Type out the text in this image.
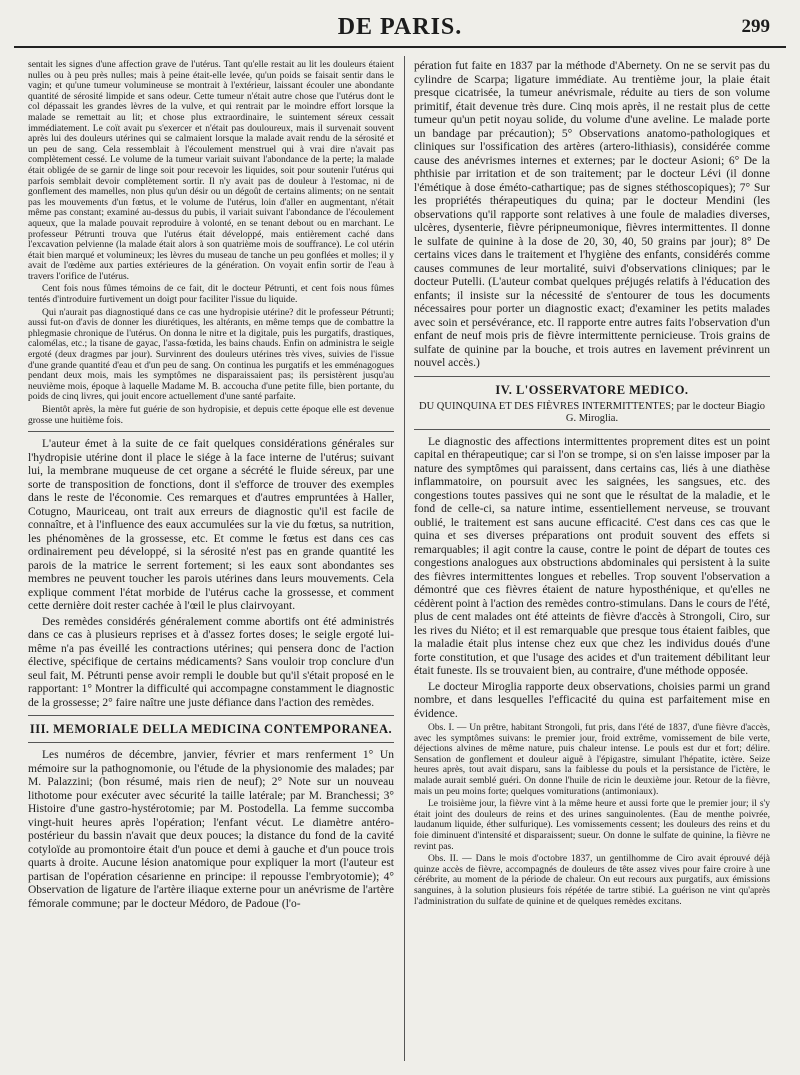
DE PARIS.	299

sentait les signes d'une affection grave de l'utérus. Tant qu'elle restait au lit les douleurs étaient nulles ou à peu près nulles; mais à peine était-elle levée, qu'un poids se faisait sentir dans le vagin; et qu'une tumeur volumineuse se montrait à l'extérieur, laissant écouler une abondante quantité de sérosité limpide et sans odeur. Cette tumeur n'était autre chose que l'utérus dont le col dépassait les grandes lèvres de la vulve, et qui rentrait par le moindre effort lorsque la malade se remettait au lit; et chose plus extraordinaire, le suintement séreux cessait immédiatement. Le coït avait pu s'exercer et n'était pas douloureux, mais il survenait souvent après lui des douleurs utérines qui se calmaient lorsque la malade avait rendu de la sérosité et un peu de sang. Cela ressemblait à l'écoulement menstruel qui à vrai dire n'avait pas complètement cessé. Le volume de la tumeur variait suivant l'abondance de la perte; la malade était obligée de se garnir de linge soit pour recevoir les liquides, soit pour soutenir l'utérus qui parfois semblait devoir complètement sortir. Il n'y avait pas de douleur à l'estomac, ni de gonflement des mamelles, non plus qu'un désir ou un dégoût de certains aliments; on ne sentait pas les mouvements d'un fœtus, et le volume de l'utérus, loin d'aller en augmentant, n'était même pas constant; examiné au-dessus du pubis, il variait suivant l'abondance de l'écoulement aqueux, que la malade pouvait reproduire à volonté, en se tenant debout ou en marchant. Le professeur Pétrunti trouva que l'utérus était développé, mais entièrement caché dans l'excavation pelvienne (la malade était alors à son quatrième mois de souffrance). Le col utérin était bien marqué et volumineux; les lèvres du museau de tanche un peu gonflées et molles; il y avait de l'œdème aux parties extérieures de la génération. On voyait enfin sortir de l'eau à travers l'orifice de l'utérus.

Cent fois nous fûmes témoins de ce fait, dit le docteur Pétrunti, et cent fois nous fûmes tentés d'introduire furtivement un doigt pour faciliter l'issue du liquide.

Qui n'aurait pas diagnostiqué dans ce cas une hydropisie utérine? dit le professeur Pétrunti; aussi fut-on d'avis de donner les diurétiques, les altérants, en même temps que de combattre la phlegmasie chronique de l'utérus. On donna le nitre et la digitale, puis les purgatifs, drastiques, calomélas, etc.; la tisane de gayac, l'assa-fœtida, les bains chauds. Enfin on administra le seigle ergoté (deux dragmes par jour). Survinrent des douleurs utérines très vives, suivies de l'issue d'une grande quantité d'eau et d'un peu de sang. On continua les purgatifs et les emménagogues pendant deux mois, mais les symptômes ne disparaissaient pas; ils persistèrent jusqu'au neuvième mois, époque à laquelle Madame M. B. accoucha d'une petite fille, bien portante, du poids de cinq livres, qui jouit encore actuellement d'une santé parfaite.

Bientôt après, la mère fut guérie de son hydropisie, et depuis cette époque elle est devenue grosse une huitième fois.

L'auteur émet à la suite de ce fait quelques considérations générales sur l'hydropisie utérine dont il place le siége à la face interne de l'utérus; suivant lui, la membrane muqueuse de cet organe a sécrété le fluide séreux, par une sorte de transposition de fonctions, dont il s'efforce de trouver des exemples dans le reste de l'économie. Ces remarques et d'autres empruntées à Haller, Cotugno, Mauriceau, ont trait aux erreurs de diagnostic qu'il est facile de connaître, et à l'influence des eaux accumulées sur la vie du fœtus, sa nutrition, les phénomènes de la grossesse, etc. Et comme le fœtus est dans ces cas ordinairement peu développé, si la sérosité n'est pas en grande quantité les parois de la matrice le serrent fortement; si les eaux sont abondantes ses membres ne peuvent toucher les parois utérines dans leurs mouvements. Cela explique comment l'état morbide de l'utérus cache la grossesse, et comment cette dernière doit rester cachée à l'œil le plus clairvoyant.

Des remèdes considérés généralement comme abortifs ont été administrés dans ce cas à plusieurs reprises et à d'assez fortes doses; le seigle ergoté lui-même n'a pas éveillé les contractions utérines; qui pensera donc de l'action élective, spécifique de certains médicaments? Sans vouloir trop conclure d'un seul fait, M. Pétrunti pense avoir rempli le double but qu'il s'était proposé en le rapportant: 1° Montrer la difficulté qui accompagne constamment le diagnostic de la grossesse; 2° faire naître une juste défiance dans l'action des remèdes.

III. MEMORIALE DELLA MEDICINA CONTEMPORANEA.

Les numéros de décembre, janvier, février et mars renferment 1° Un mémoire sur la pathognomonie, ou l'étude de la physionomie des malades; par M. Palazzini; (bon résumé, mais rien de neuf); 2° Note sur un nouveau lithotome pour exécuter avec sécurité la taille latérale; par M. Branchessi; 3° Histoire d'une gastro-hystérotomie; par M. Postodella. La femme succomba vingt-huit heures après l'opération; l'enfant vécut. Le diamètre antéro-postérieur du bassin n'avait que deux pouces; la distance du fond de la cavité cotyloïde au promontoire était d'un pouce et demi à gauche et d'un pouce trois quarts à droite. Aucune lésion anatomique pour expliquer la mort (l'auteur est partisan de l'opération césarienne en principe: il repousse l'embryotomie); 4° Observation de ligature de l'artère iliaque externe pour un anévrisme de l'artère fémorale commune; par le docteur Médoro, de Padoue (l'o-

pération fut faite en 1837 par la méthode d'Abernety. On ne se servit pas du cylindre de Scarpa; ligature immédiate. Au trentième jour, la plaie était presque cicatrisée, la tumeur anévrismale, réduite au tiers de son volume primitif, était devenue très dure. Cinq mois après, il ne restait plus de cette tumeur qu'un petit noyau solide, du volume d'une aveline. Le malade porte un bandage par précaution); 5° Observations anatomo-pathologiques et cliniques sur l'ossification des artères (artero-lithiasis), considérée comme cause des anévrismes internes et externes; par le docteur Asioni; 6° De la phthisie par irritation et de son traitement; par le docteur Lévi (il donne l'émétique à dose éméto-cathartique; pas de signes stéthoscopiques); 7° Sur les propriétés thérapeutiques du quina; par le docteur Mendini (les observations qu'il rapporte sont relatives à une foule de maladies diverses, ulcères, dysenterie, fièvre péripneumonique, fièvres intermittentes. Il donne le sulfate de quinine à la dose de 20, 30, 40, 50 grains par jour); 8° De certains vices dans le traitement et l'hygiène des enfants, considérés comme causes communes de leur mortalité, suivi d'observations cliniques; par le docteur Putelli. (L'auteur combat quelques préjugés relatifs à l'éducation des enfants; il insiste sur la nécessité de s'entourer de tous les documents nécessaires pour porter un diagnostic exact; d'examiner les petits malades avec soin et persévérance, etc. Il rapporte entre autres faits l'observation d'un enfant de neuf mois pris de fièvre intermittente pernicieuse. Trois grains de sulfate de quinine par la bouche, et trois autres en lavement prévinrent un nouvel accès.)

IV. L'OSSERVATORE MEDICO.
DU QUINQUINA ET DES FIÈVRES INTERMITTENTES; par le docteur Biagio G. Miroglia.

Le diagnostic des affections intermittentes proprement dites est un point capital en thérapeutique; car si l'on se trompe, si on s'en laisse imposer par la nature des symptômes qui paraissent, dans certains cas, liés à une diathèse inflammatoire, on poursuit avec les saignées, les sangsues, etc. des congestions toutes passives qui ne sont que le résultat de la maladie, et le fond de celle-ci, sa nature intime, essentiellement nerveuse, se trouvant oublié, le traitement est sans aucune efficacité. C'est dans ces cas que le quina et ses diverses préparations ont produit souvent des effets si remarquables; il agit contre la cause, contre le point de départ de toutes ces congestions analogues aux obstructions abdominales qui persistent à la suite des fièvres intermittentes longues et rebelles. Trop souvent l'observation a démontré que ces fièvres étaient de nature hyposthénique, et qu'elles ne cédèrent point à l'action des remèdes contro-stimulans. Dans le cours de l'été, plus de cent malades ont été atteints de fièvre d'accès à Strongoli, Ciro, sur les rives du Niéto; et il est remarquable que presque tous étaient faibles, que la maladie était plus intense chez eux que chez les individus doués d'une forte constitution, et que l'usage des acides et d'un traitement débilitant leur était funeste. Ils se trouvaient bien, au contraire, d'une méthode opposée.

Le docteur Miroglia rapporte deux observations, choisies parmi un grand nombre, et dans lesquelles l'efficacité du quina est parfaitement mise en évidence.

Obs. I. — Un prêtre, habitant Strongoli, fut pris, dans l'été de 1837, d'une fièvre d'accès, avec les symptômes suivans: le premier jour, froid extrême, vomissement de bile verte, déjections alvines de même nature, puis chaleur intense. Le pouls est dur et fort; délire. Sensation de gonflement et douleur aiguë à l'épigastre, simulant l'hépatite, ictère. Seize heures après, tout avait disparu, sans la faiblesse du pouls et la persistance de l'ictère, le malade aurait semblé guéri. On donne l'huile de ricin le deuxième jour. Retour de la fièvre, mais un peu moins forte; quelques vomiturations (antimoniaux).

Le troisième jour, la fièvre vint à la même heure et aussi forte que le premier jour; il s'y était joint des douleurs de reins et des urines sanguinolentes. (Eau de menthe poivrée, laudanum liquide, éther sulfurique). Les vomissements cessent; les douleurs des reins et du foie diminuent d'intensité et disparaissent; sueur. On donne le sulfate de quinine, la fièvre ne revint pas.

Obs. II. — Dans le mois d'octobre 1837, un gentilhomme de Ciro avait éprouvé déjà quinze accès de fièvre, accompagnés de douleurs de tête assez vives pour faire croire à une cérébrite, au moment de la période de chaleur. On eut recours aux purgatifs, aux émissions sanguines, à la solution plusieurs fois répétée de tartre stibié. La guérison ne vint qu'après l'administration du sulfate de quinine et de quelques remèdes excitans.
